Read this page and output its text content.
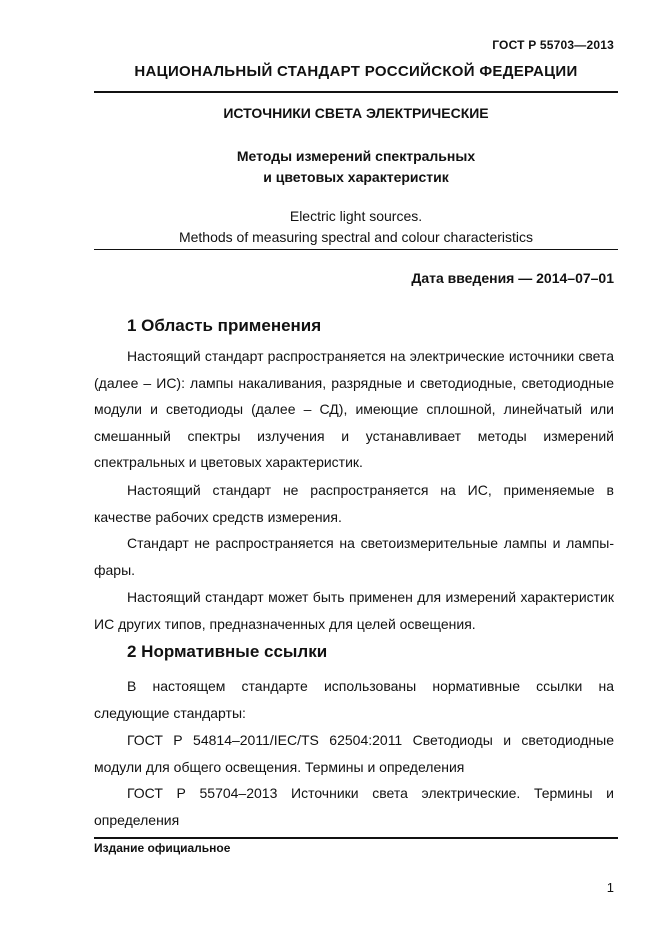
ГОСТ Р 55703—2013
НАЦИОНАЛЬНЫЙ СТАНДАРТ РОССИЙСКОЙ ФЕДЕРАЦИИ
ИСТОЧНИКИ СВЕТА ЭЛЕКТРИЧЕСКИЕ
Методы измерений спектральных
и цветовых характеристик
Electric light sources.
Methods of measuring spectral and colour characteristics
Дата введения — 2014–07–01
1 Область применения

Настоящий стандарт распространяется на электрические источники света (далее – ИС): лампы накаливания, разрядные и светодиодные, светодиодные модули и светодиоды (далее – СД), имеющие сплошной, линейчатый или смешанный спектры излучения и устанавливает методы измерений спектральных и цветовых характеристик.

Настоящий стандарт не распространяется на ИС, применяемые в качестве рабочих средств измерения.

Стандарт не распространяется на светоизмерительные лампы и лампы-фары.

Настоящий стандарт может быть применен для измерений характеристик ИС других типов, предназначенных для целей освещения.

2 Нормативные ссылки

В настоящем стандарте использованы нормативные ссылки на следующие стандарты:

ГОСТ Р 54814–2011/IEC/TS 62504:2011 Светодиоды и светодиодные модули для общего освещения. Термины и определения

ГОСТ Р 55704–2013 Источники света электрические. Термины и определения

Издание официальное
1
